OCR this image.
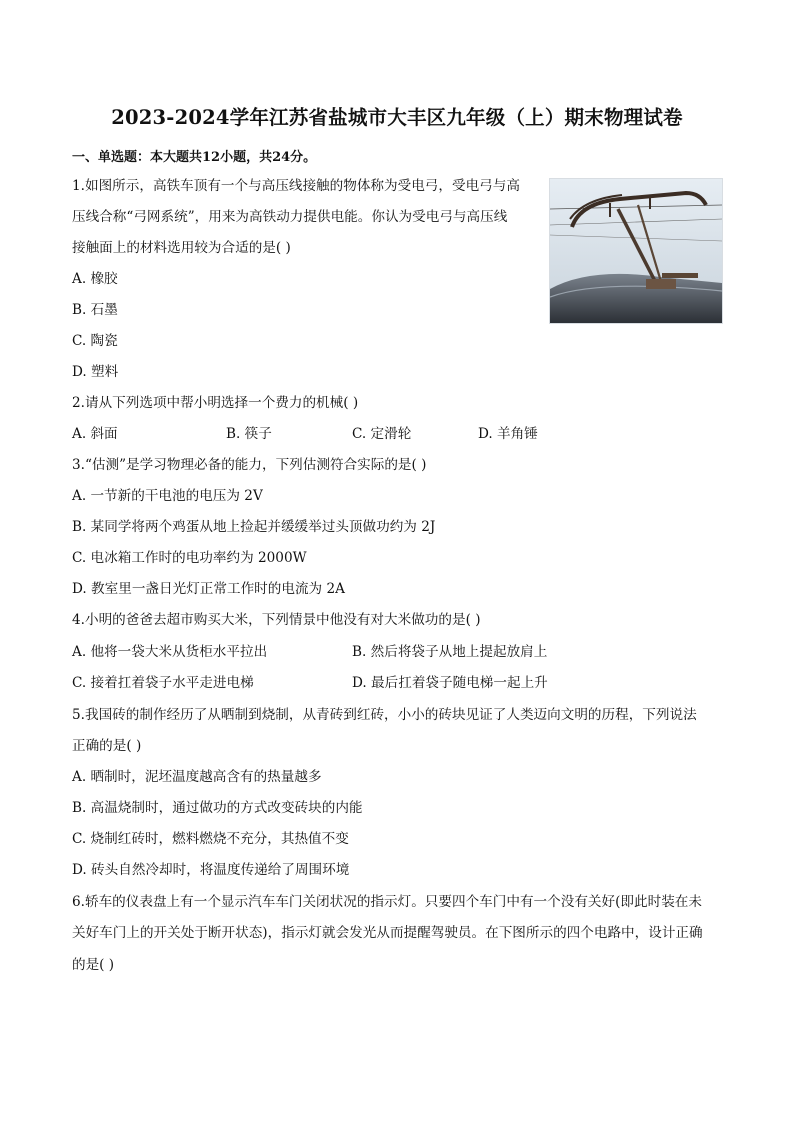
2023-2024学年江苏省盐城市大丰区九年级（上）期末物理试卷
一、单选题：本大题共12小题，共24分。
1.如图所示，高铁车顶有一个与高压线接触的物体称为受电弓，受电弓与高
压线合称“弓网系统”，用来为高铁动力提供电能。你认为受电弓与高压线
接触面上的材料选用较为合适的是( )
A. 橡胶
B. 石墨
C. 陶瓷
D. 塑料
2.请从下列选项中帮小明选择一个费力的机械( )
A. 斜面	B. 筷子	C. 定滑轮	D. 羊角锤
3.“估测”是学习物理必备的能力，下列估测符合实际的是( )
A. 一节新的干电池的电压为 2V
B. 某同学将两个鸡蛋从地上捡起并缓缓举过头顶做功约为 2J
C. 电冰箱工作时的电功率约为 2000W
D. 教室里一盏日光灯正常工作时的电流为 2A
4.小明的爸爸去超市购买大米，下列情景中他没有对大米做功的是( )
A. 他将一袋大米从货柜水平拉出	B. 然后将袋子从地上提起放肩上
C. 接着扛着袋子水平走进电梯	D. 最后扛着袋子随电梯一起上升
5.我国砖的制作经历了从晒制到烧制，从青砖到红砖，小小的砖块见证了人类迈向文明的历程，下列说法
正确的是( )
A. 晒制时，泥坯温度越高含有的热量越多
B. 高温烧制时，通过做功的方式改变砖块的内能
C. 烧制红砖时，燃料燃烧不充分，其热值不变
D. 砖头自然冷却时，将温度传递给了周围环境
6.轿车的仪表盘上有一个显示汽车车门关闭状况的指示灯。只要四个车门中有一个没有关好(即此时装在未
关好车门上的开关处于断开状态)，指示灯就会发光从而提醒驾驶员。在下图所示的四个电路中，设计正确
的是( )
